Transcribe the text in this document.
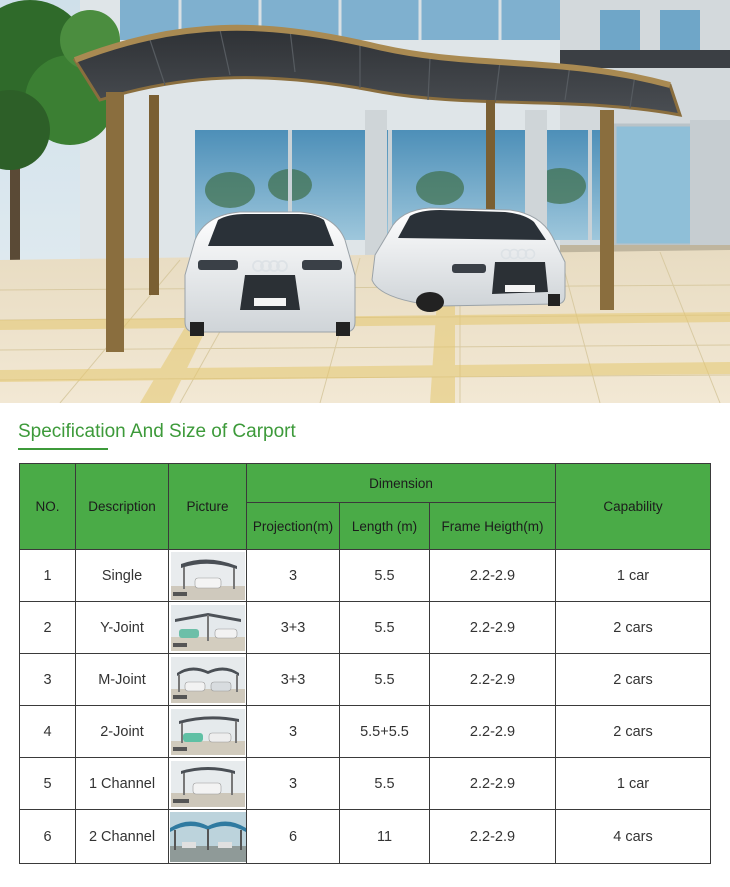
Specification And Size of Carport
NO.	Description	Picture	Dimension			Capability
			Projection(m)	Length (m)	Frame Heigth(m)	
1	Single		3	5.5	2.2-2.9	1 car
2	Y-Joint		3+3	5.5	2.2-2.9	2 cars
3	M-Joint		3+3	5.5	2.2-2.9	2 cars
4	2-Joint		3	5.5+5.5	2.2-2.9	2 cars
5	1 Channel		3	5.5	2.2-2.9	1 car
6	2 Channel		6	11	2.2-2.9	4 cars
